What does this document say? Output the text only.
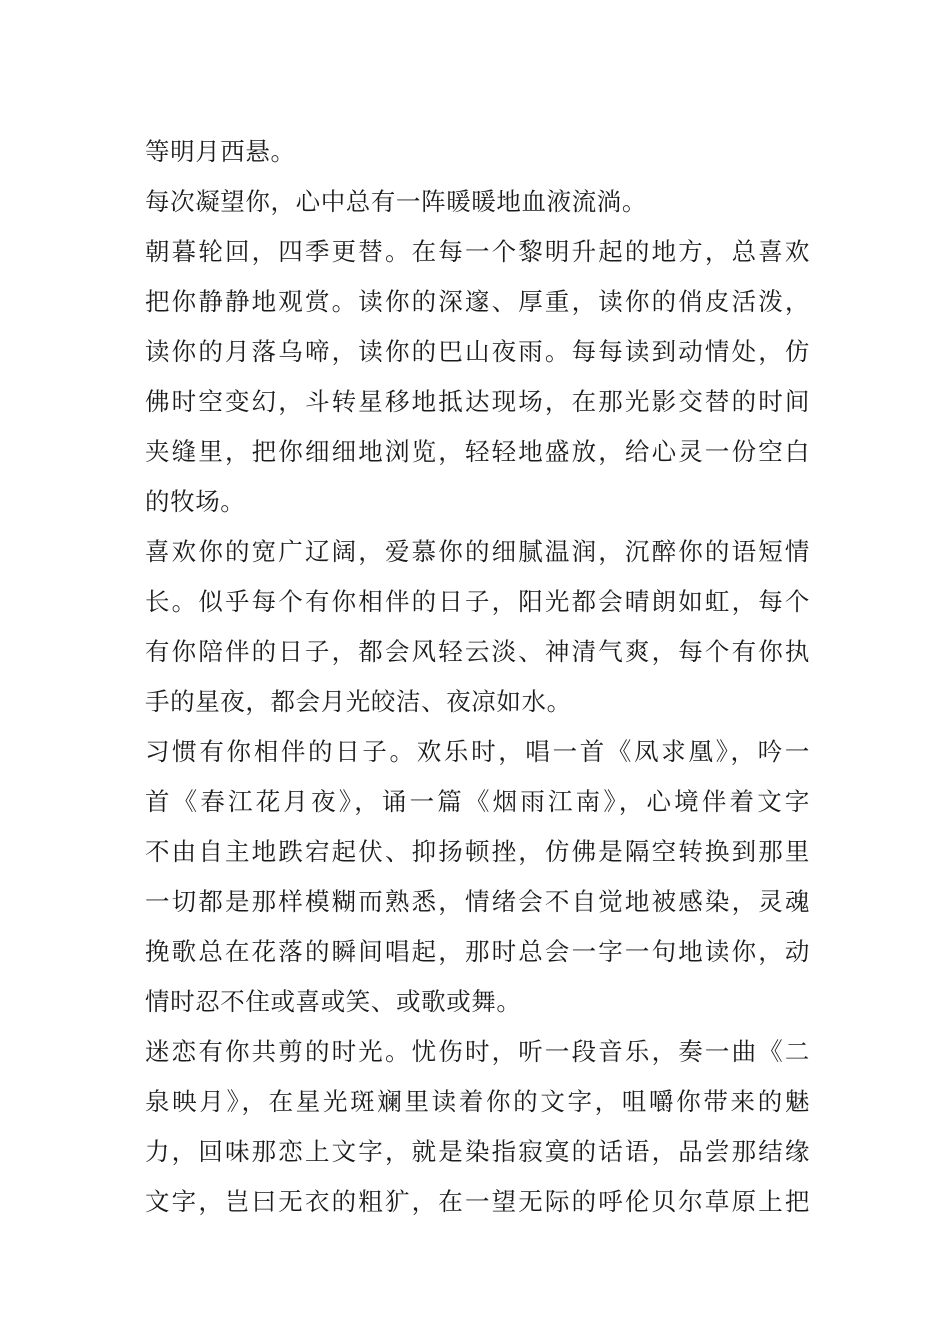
等明月西悬。
每次凝望你，心中总有一阵暖暖地血液流淌。
朝暮轮回，四季更替。在每一个黎明升起的地方，总喜欢
把你静静地观赏。读你的深邃、厚重，读你的俏皮活泼，
读你的月落乌啼，读你的巴山夜雨。每每读到动情处，仿
佛时空变幻，斗转星移地抵达现场，在那光影交替的时间
夹缝里，把你细细地浏览，轻轻地盛放，给心灵一份空白
的牧场。
喜欢你的宽广辽阔，爱慕你的细腻温润，沉醉你的语短情
长。似乎每个有你相伴的日子，阳光都会晴朗如虹，每个
有你陪伴的日子，都会风轻云淡、神清气爽，每个有你执
手的星夜，都会月光皎洁、夜凉如水。
习惯有你相伴的日子。欢乐时，唱一首《凤求凰》，吟一
首《春江花月夜》，诵一篇《烟雨江南》，心境伴着文字
不由自主地跌宕起伏、抑扬顿挫，仿佛是隔空转换到那里
一切都是那样模糊而熟悉，情绪会不自觉地被感染，灵魂
挽歌总在花落的瞬间唱起，那时总会一字一句地读你，动
情时忍不住或喜或笑、或歌或舞。
迷恋有你共剪的时光。忧伤时，听一段音乐，奏一曲《二
泉映月》，在星光斑斓里读着你的文字，咀嚼你带来的魅
力，回味那恋上文字，就是染指寂寞的话语，品尝那结缘
文字，岂曰无衣的粗犷，在一望无际的呼伦贝尔草原上把
